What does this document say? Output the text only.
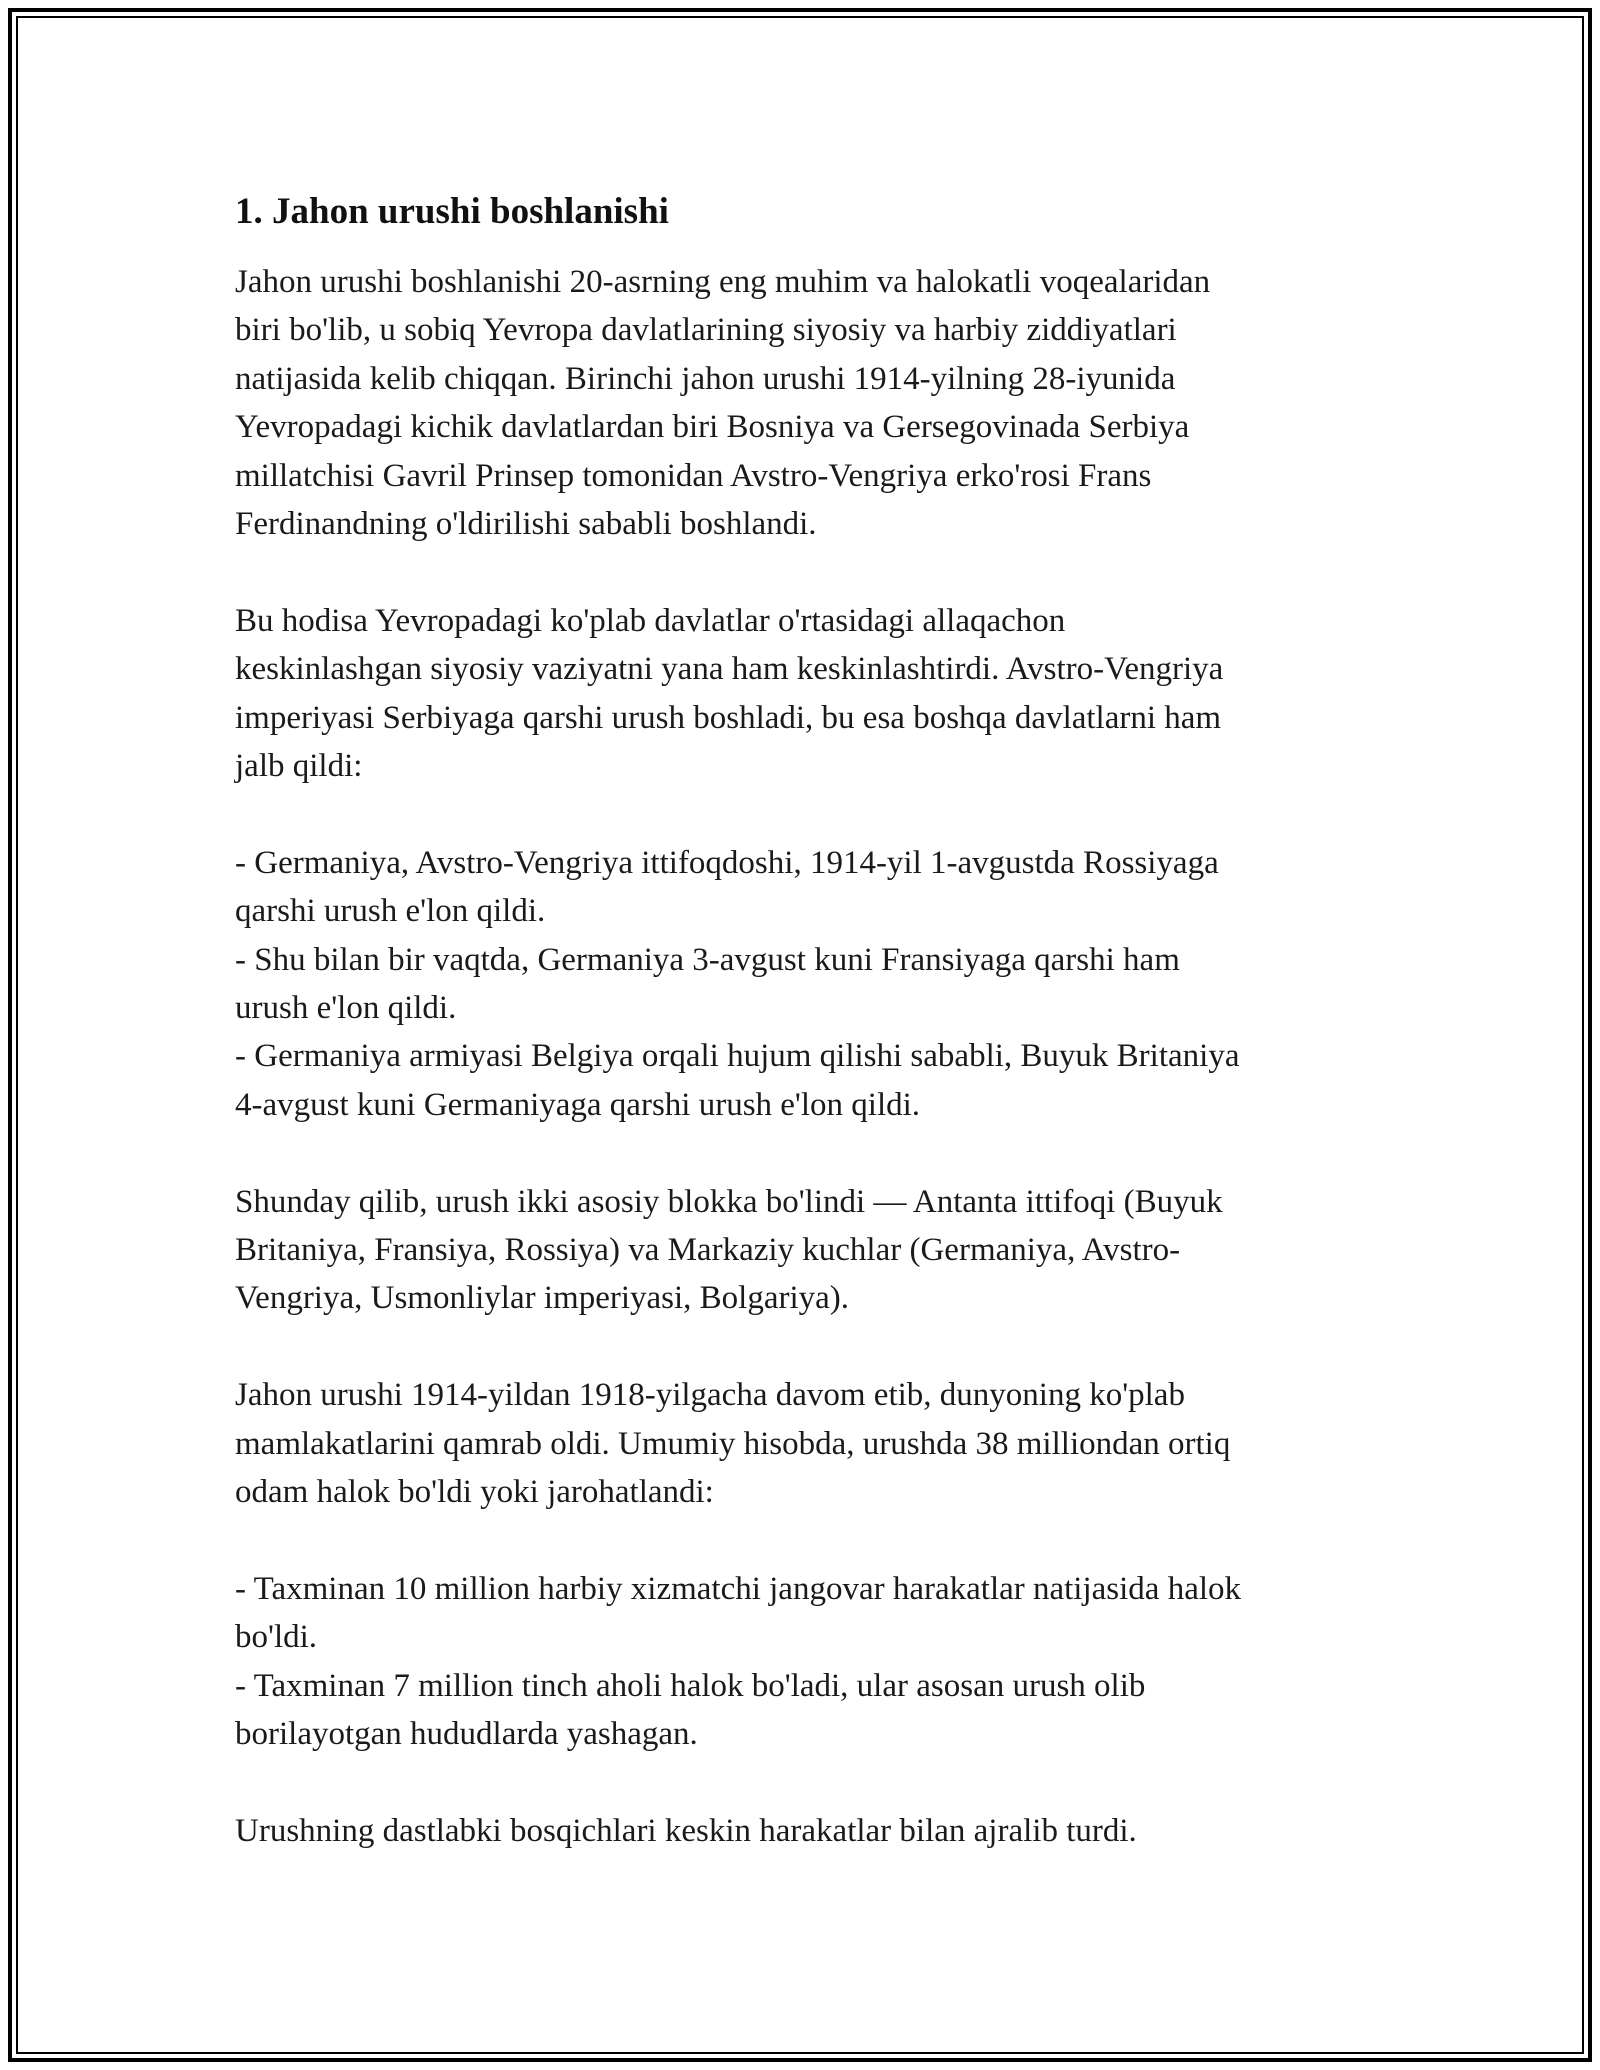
1. Jahon urushi boshlanishi

Jahon urushi boshlanishi 20-asrning eng muhim va halokatli voqealaridan
biri bo'lib, u sobiq Yevropa davlatlarining siyosiy va harbiy ziddiyatlari
natijasida kelib chiqqan. Birinchi jahon urushi 1914-yilning 28-iyunida
Yevropadagi kichik davlatlardan biri Bosniya va Gersegovinada Serbiya
millatchisi Gavril Prinsep tomonidan Avstro-Vengriya erko'rosi Frans
Ferdinandning o'ldirilishi sababli boshlandi.

Bu hodisa Yevropadagi ko'plab davlatlar o'rtasidagi allaqachon
keskinlashgan siyosiy vaziyatni yana ham keskinlashtirdi. Avstro-Vengriya
imperiyasi Serbiyaga qarshi urush boshladi, bu esa boshqa davlatlarni ham
jalb qildi:

- Germaniya, Avstro-Vengriya ittifoqdoshi, 1914-yil 1-avgustda Rossiyaga
qarshi urush e'lon qildi.
- Shu bilan bir vaqtda, Germaniya 3-avgust kuni Fransiyaga qarshi ham
urush e'lon qildi.
- Germaniya armiyasi Belgiya orqali hujum qilishi sababli, Buyuk Britaniya
4-avgust kuni Germaniyaga qarshi urush e'lon qildi.

Shunday qilib, urush ikki asosiy blokka bo'lindi — Antanta ittifoqi (Buyuk
Britaniya, Fransiya, Rossiya) va Markaziy kuchlar (Germaniya, Avstro-
Vengriya, Usmonliylar imperiyasi, Bolgariya).

Jahon urushi 1914-yildan 1918-yilgacha davom etib, dunyoning ko'plab
mamlakatlarini qamrab oldi. Umumiy hisobda, urushda 38 milliondan ortiq
odam halok bo'ldi yoki jarohatlandi:

- Taxminan 10 million harbiy xizmatchi jangovar harakatlar natijasida halok
bo'ldi.
- Taxminan 7 million tinch aholi halok bo'ladi, ular asosan urush olib
borilayotgan hududlarda yashagan.

Urushning dastlabki bosqichlari keskin harakatlar bilan ajralib turdi.
